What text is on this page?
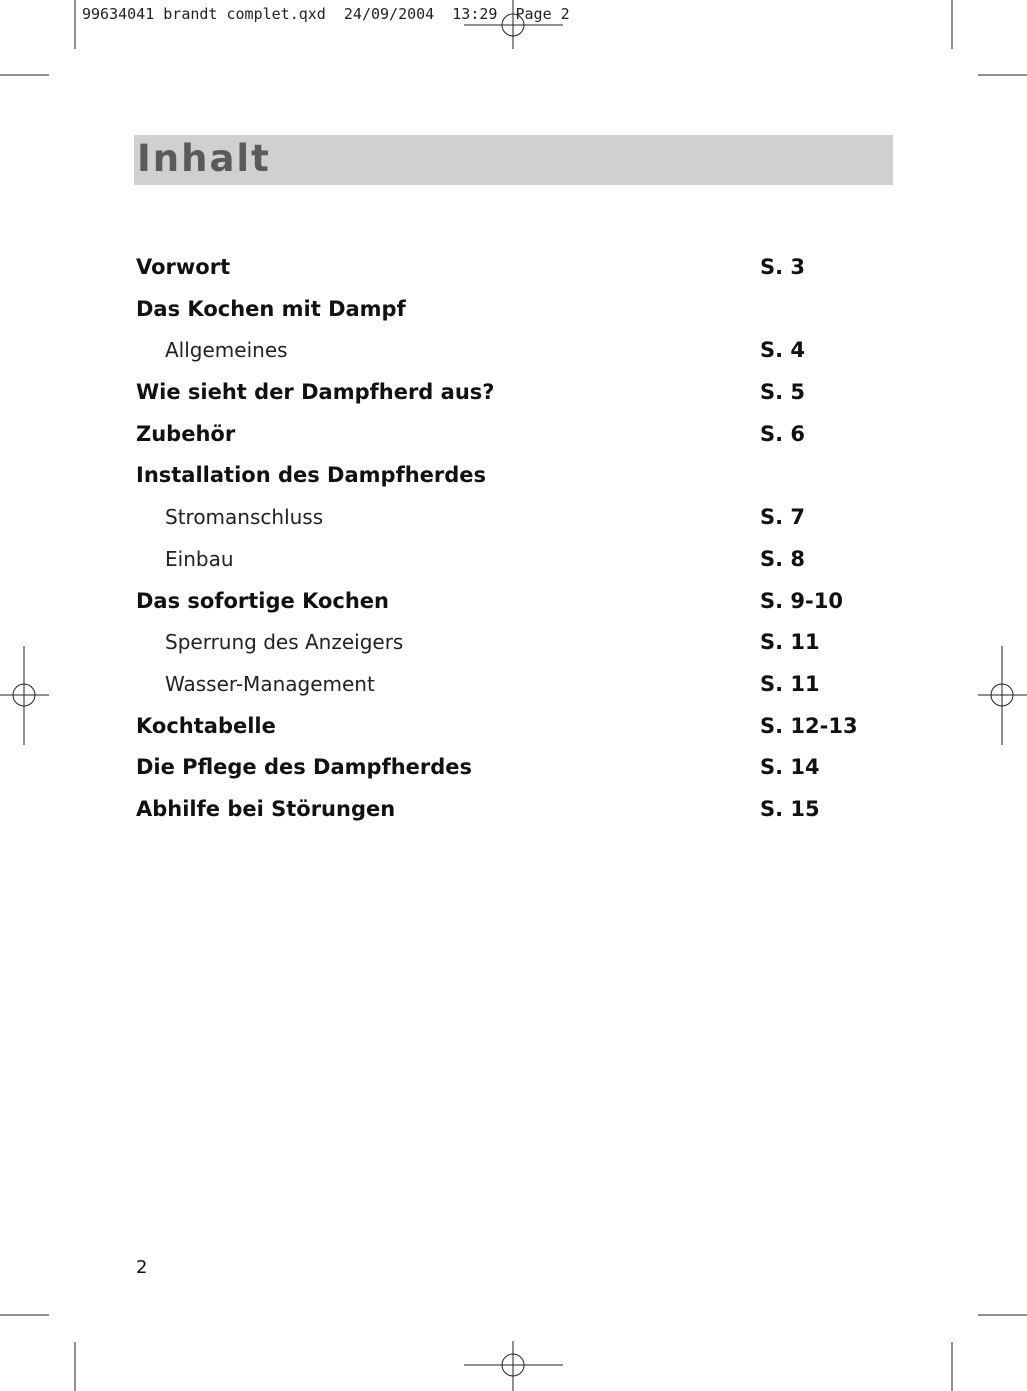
99634041 brandt complet.qxd  24/09/2004  13:29  Page 2
Inhalt
Vorwort	S. 3
Das Kochen mit Dampf
Allgemeines	S. 4
Wie sieht der Dampfherd aus?	S. 5
Zubehör	S. 6
Installation des Dampfherdes
Stromanschluss	S. 7
Einbau	S. 8
Das sofortige Kochen	S. 9-10
Sperrung des Anzeigers	S. 11
Wasser-Management	S. 11
Kochtabelle	S. 12-13
Die Pflege des Dampfherdes	S. 14
Abhilfe bei Störungen	S. 15
2
